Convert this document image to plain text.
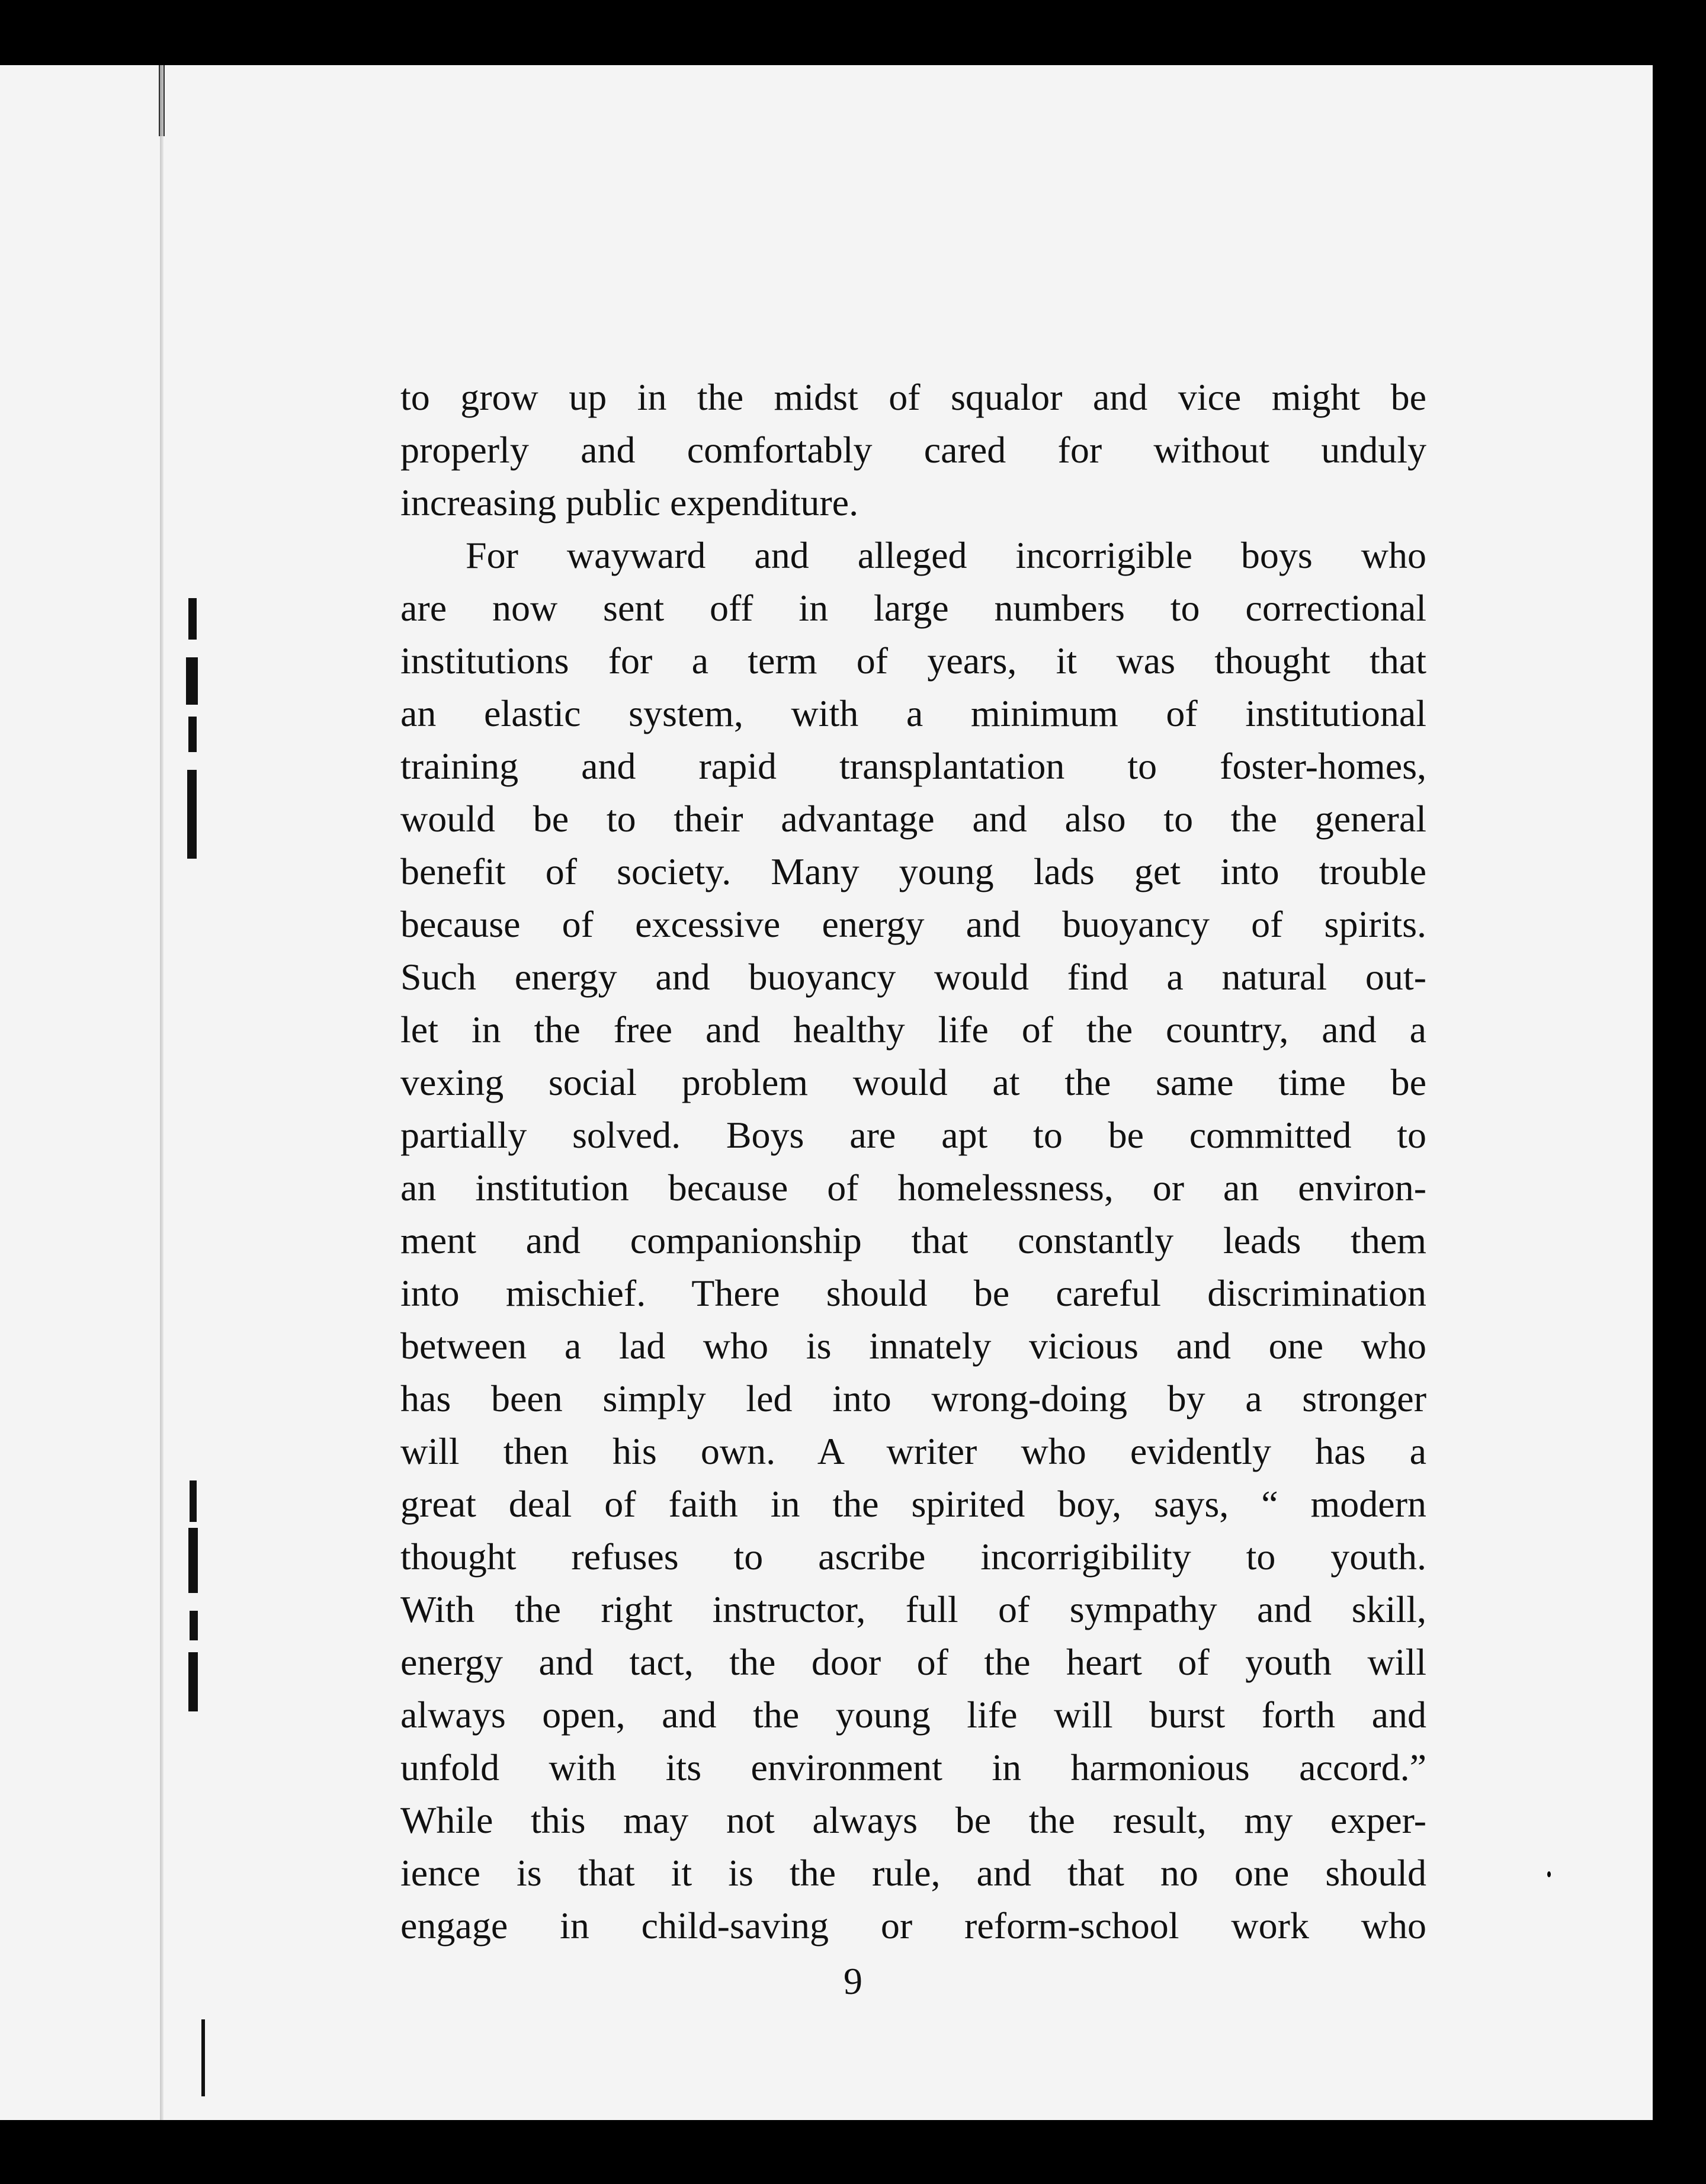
to grow up in the midst of squalor and vice might be
properly and comfortably cared for without unduly
increasing public expenditure.
For wayward and alleged incorrigible boys who
are now sent off in large numbers to correctional
institutions for a term of years, it was thought that
an elastic system, with a minimum of institutional
training and rapid transplantation to foster-homes,
would be to their advantage and also to the general
benefit of society. Many young lads get into trouble
because of excessive energy and buoyancy of spirits.
Such energy and buoyancy would find a natural out-
let in the free and healthy life of the country, and a
vexing social problem would at the same time be
partially solved. Boys are apt to be committed to
an institution because of homelessness, or an environ-
ment and companionship that constantly leads them
into mischief. There should be careful discrimination
between a lad who is innately vicious and one who
has been simply led into wrong-doing by a stronger
will then his own. A writer who evidently has a
great deal of faith in the spirited boy, says, “ modern
thought refuses to ascribe incorrigibility to youth.
With the right instructor, full of sympathy and skill,
energy and tact, the door of the heart of youth will
always open, and the young life will burst forth and
unfold with its environment in harmonious accord.”
While this may not always be the result, my exper-
ience is that it is the rule, and that no one should
engage in child-saving or reform-school work who
9
